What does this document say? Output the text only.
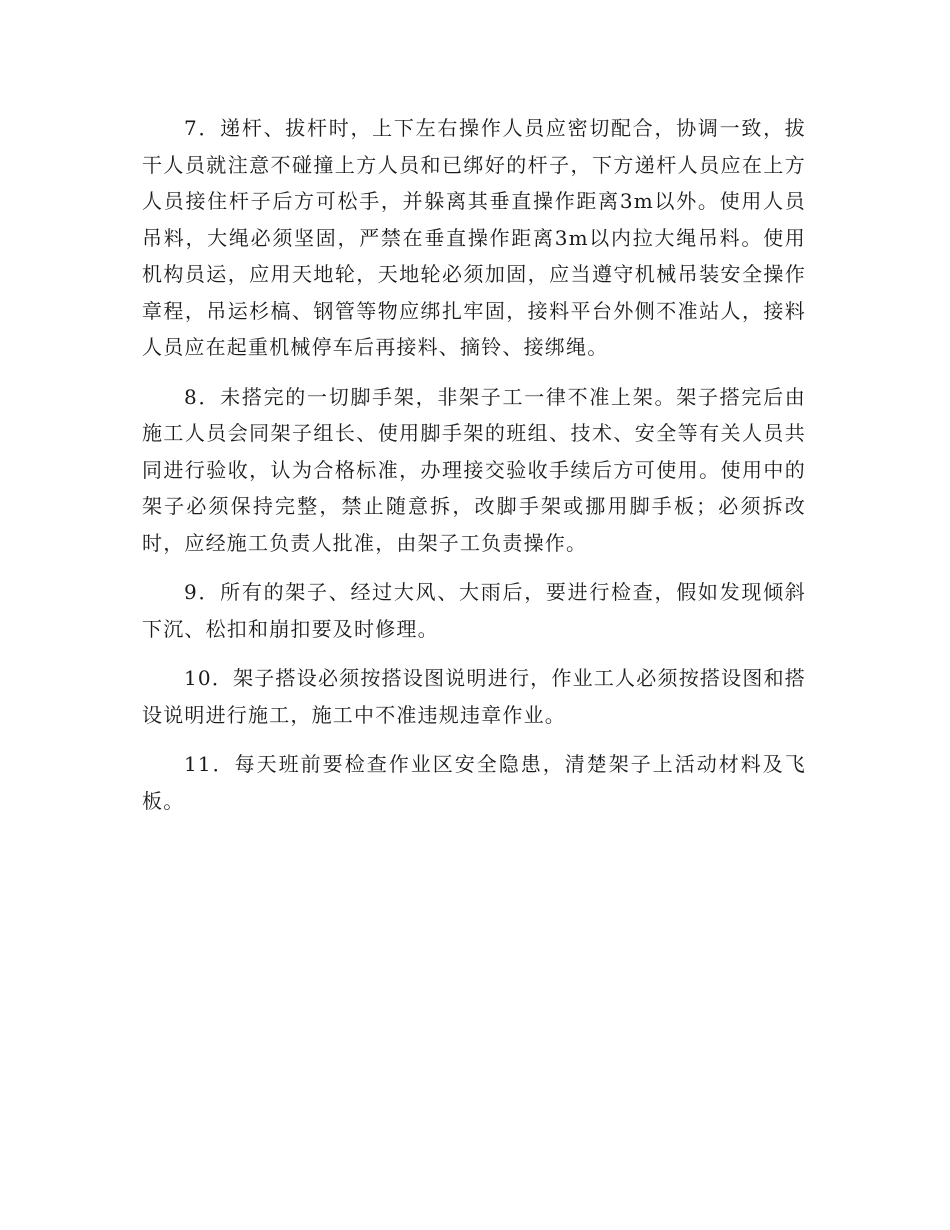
7．递杆、拔杆时，上下左右操作人员应密切配合，协调一致，拔干人员就注意不碰撞上方人员和已绑好的杆子，下方递杆人员应在上方人员接住杆子后方可松手，并躲离其垂直操作距离3m以外。使用人员吊料，大绳必须坚固，严禁在垂直操作距离3m以内拉大绳吊料。使用机构员运，应用天地轮，天地轮必须加固，应当遵守机械吊装安全操作章程，吊运杉槁、钢管等物应绑扎牢固，接料平台外侧不准站人，接料人员应在起重机械停车后再接料、摘铃、接绑绳。

8．未搭完的一切脚手架，非架子工一律不准上架。架子搭完后由施工人员会同架子组长、使用脚手架的班组、技术、安全等有关人员共同进行验收，认为合格标准，办理接交验收手续后方可使用。使用中的架子必须保持完整，禁止随意拆，改脚手架或挪用脚手板；必须拆改时，应经施工负责人批准，由架子工负责操作。

9．所有的架子、经过大风、大雨后，要进行检查，假如发现倾斜下沉、松扣和崩扣要及时修理。

10．架子搭设必须按搭设图说明进行，作业工人必须按搭设图和搭设说明进行施工，施工中不准违规违章作业。

11．每天班前要检查作业区安全隐患，清楚架子上活动材料及飞板。
